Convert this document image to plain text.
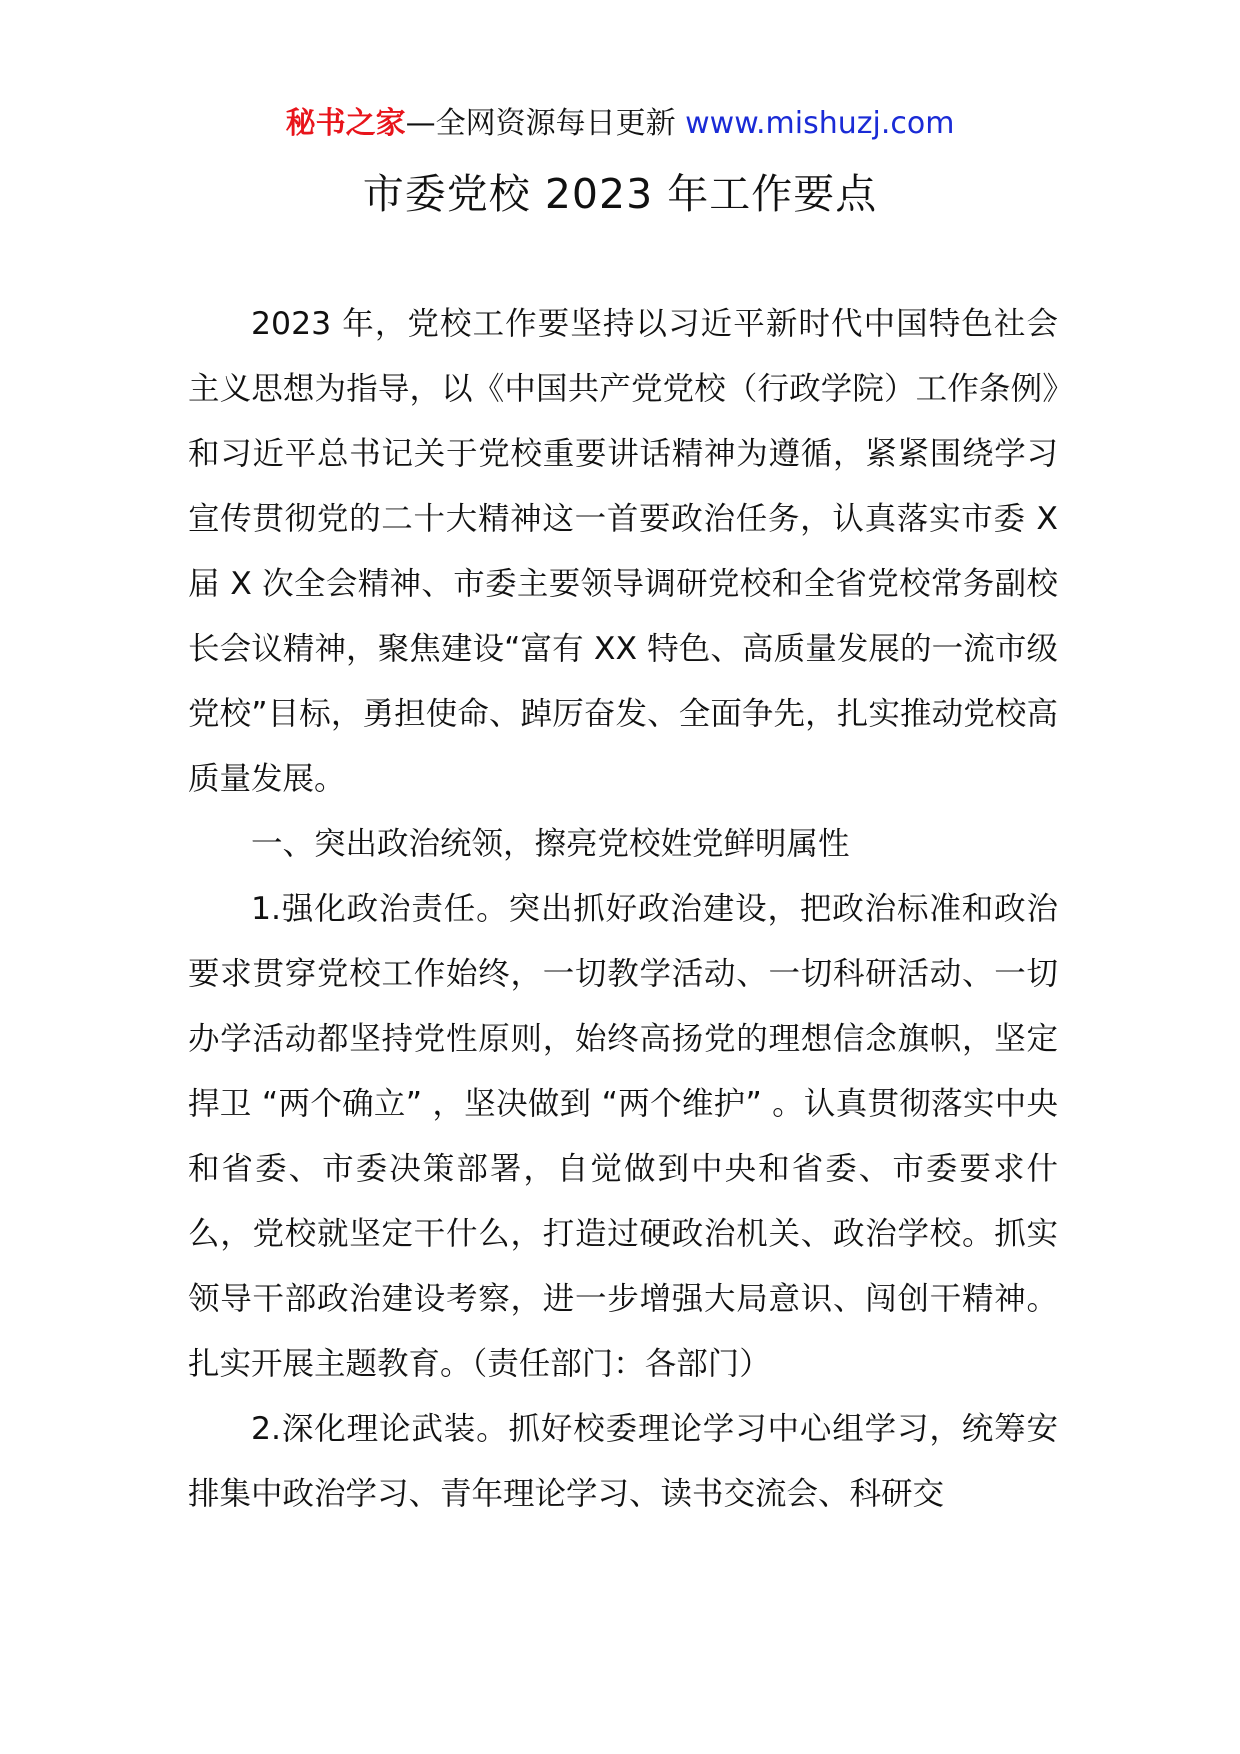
秘书之家—全网资源每日更新 www.mishuzj.com
市委党校 2023 年工作要点

2023 年，党校工作要坚持以习近平新时代中国特色社会主义思想为指导，以《中国共产党党校（行政学院）工作条例》和习近平总书记关于党校重要讲话精神为遵循，紧紧围绕学习宣传贯彻党的二十大精神这一首要政治任务，认真落实市委 X 届 X 次全会精神、市委主要领导调研党校和全省党校常务副校长会议精神，聚焦建设“富有 XX 特色、高质量发展的一流市级党校”目标，勇担使命、踔厉奋发、全面争先，扎实推动党校高质量发展。

一、突出政治统领，擦亮党校姓党鲜明属性

1.强化政治责任。突出抓好政治建设，把政治标准和政治要求贯穿党校工作始终，一切教学活动、一切科研活动、一切办学活动都坚持党性原则，始终高扬党的理想信念旗帜，坚定捍卫 “两个确立” ，坚决做到 “两个维护” 。认真贯彻落实中央和省委、市委决策部署，自觉做到中央和省委、市委要求什么，党校就坚定干什么，打造过硬政治机关、政治学校。抓实领导干部政治建设考察，进一步增强大局意识、闯创干精神。扎实开展主题教育。（责任部门：各部门）

2.深化理论武装。抓好校委理论学习中心组学习，统筹安排集中政治学习、青年理论学习、读书交流会、科研交
